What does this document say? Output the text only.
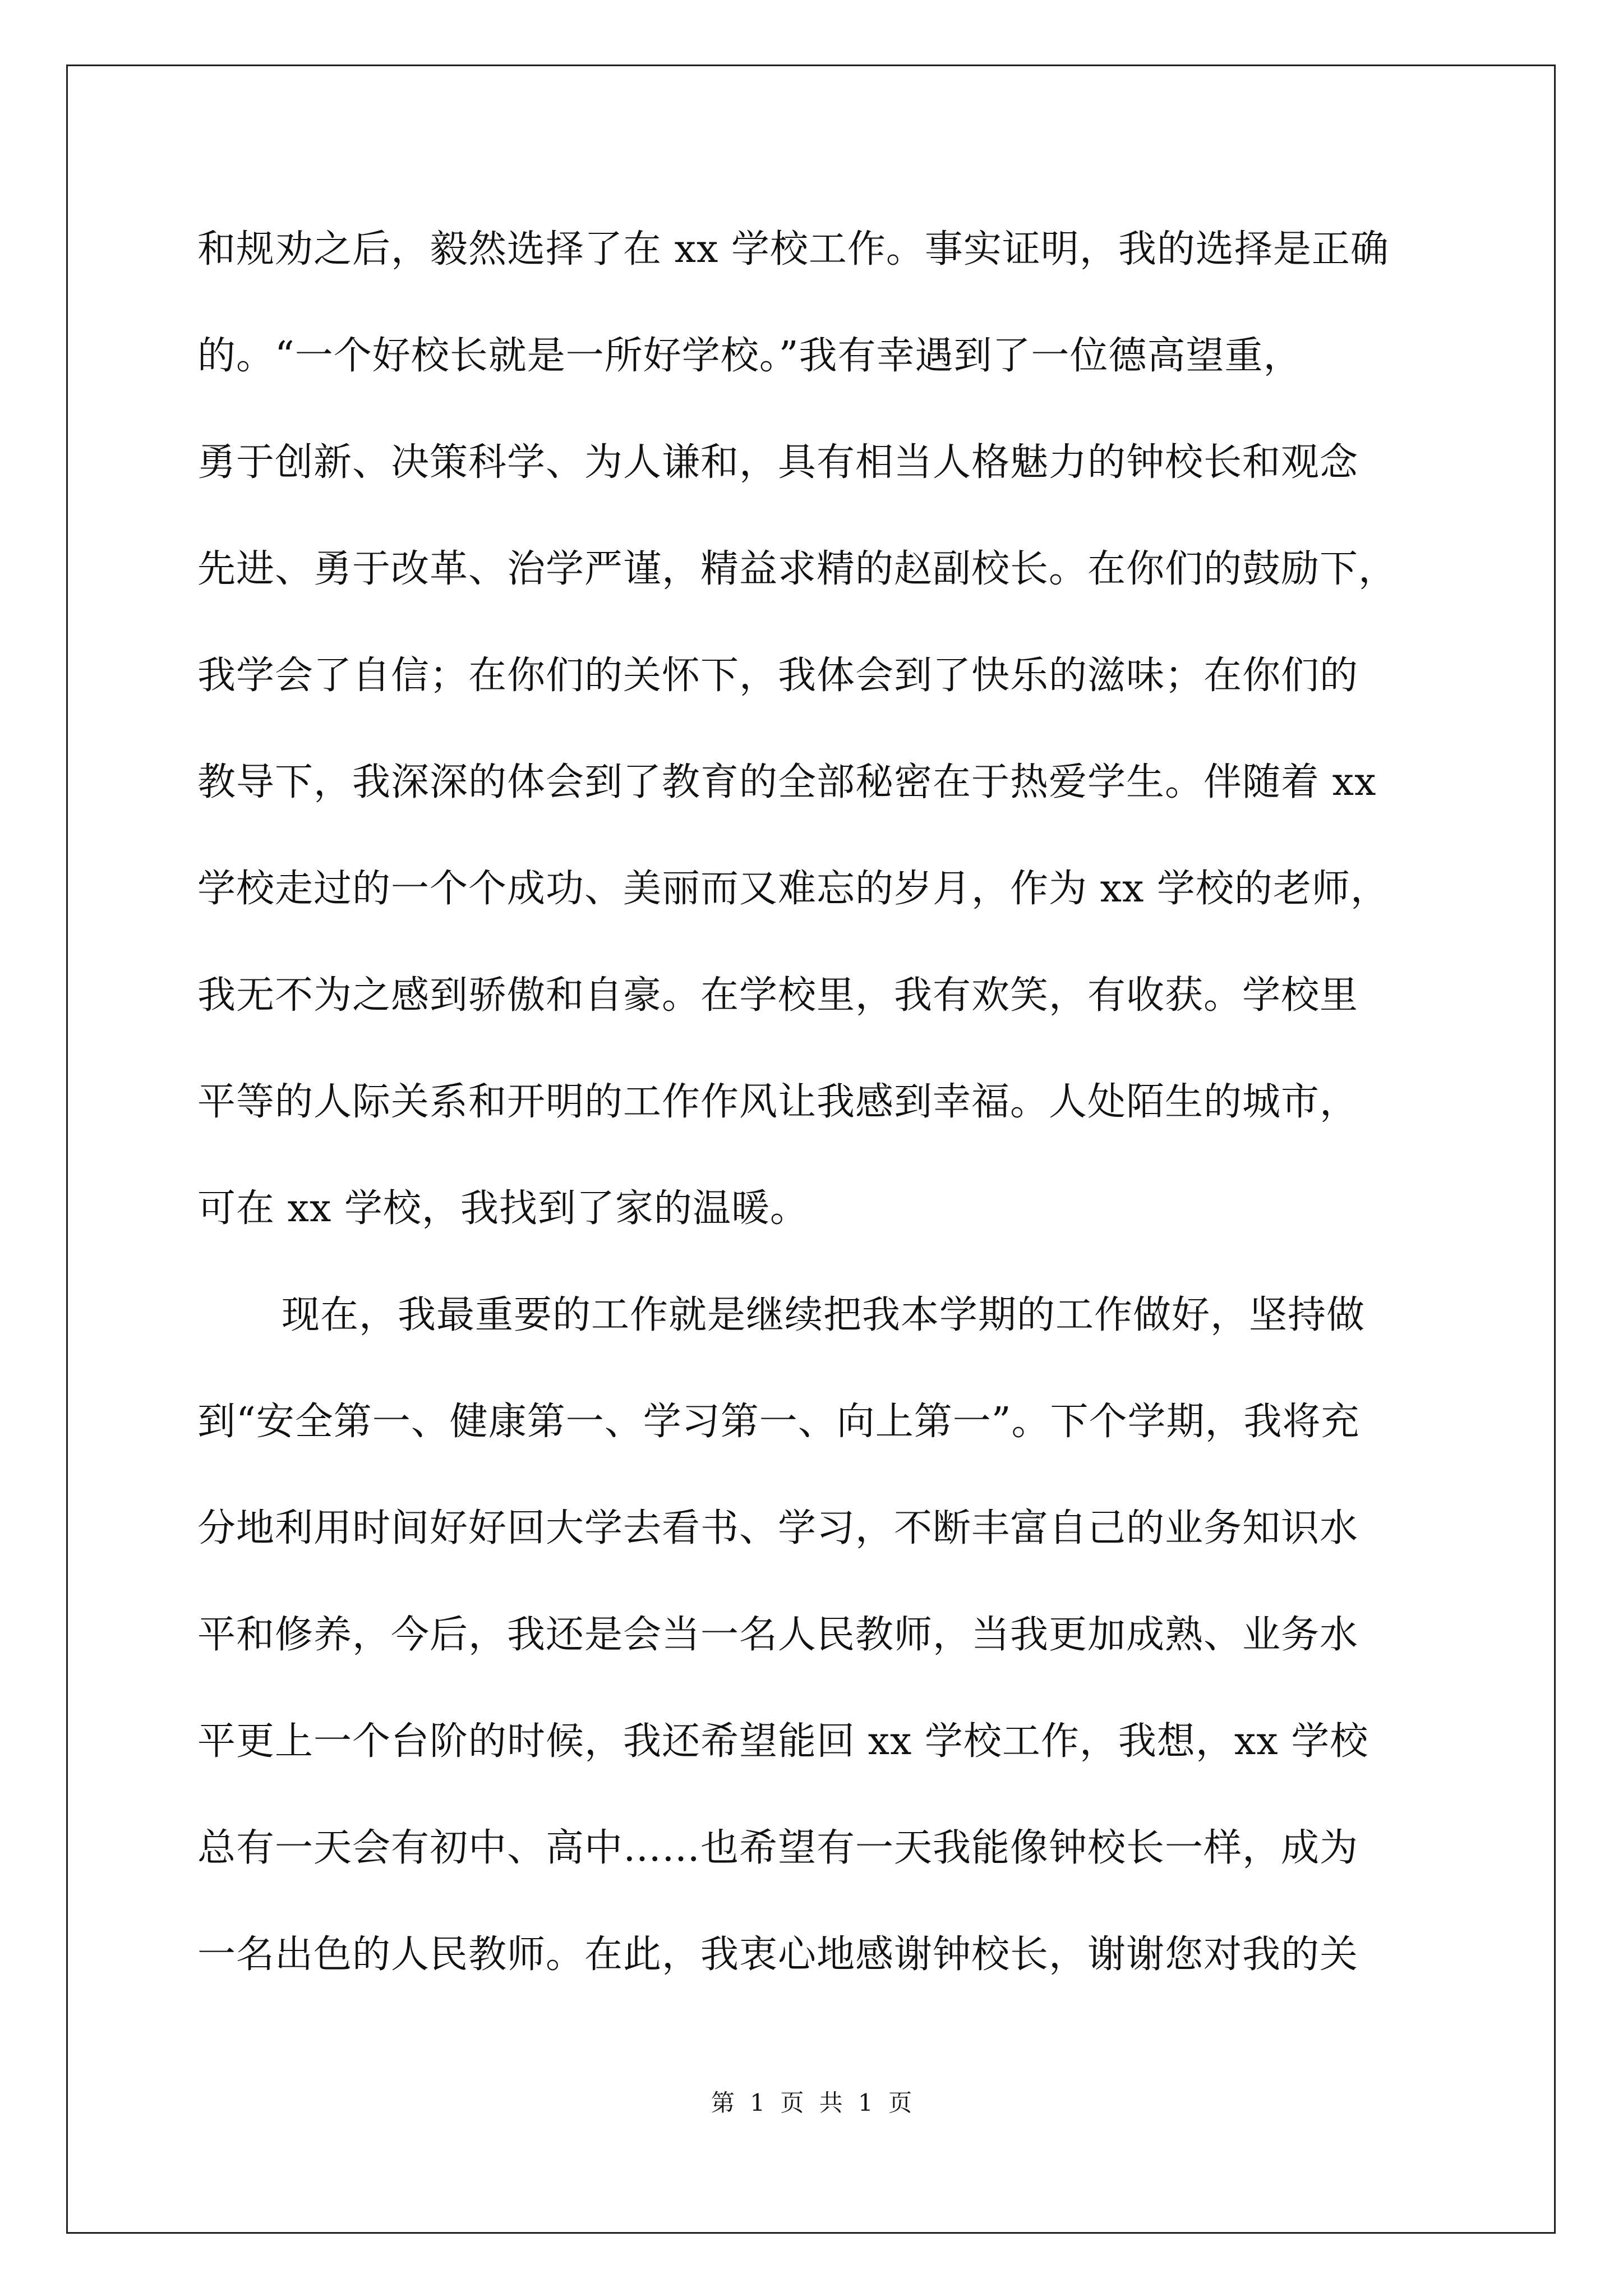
和规劝之后，毅然选择了在 xx 学校工作。事实证明，我的选择是正确
的。“一个好校长就是一所好学校。”我有幸遇到了一位德高望重，
勇于创新、决策科学、为人谦和，具有相当人格魅力的钟校长和观念
先进、勇于改革、治学严谨，精益求精的赵副校长。在你们的鼓励下，
我学会了自信；在你们的关怀下，我体会到了快乐的滋味；在你们的
教导下，我深深的体会到了教育的全部秘密在于热爱学生。伴随着 xx
学校走过的一个个成功、美丽而又难忘的岁月，作为 xx 学校的老师，
我无不为之感到骄傲和自豪。在学校里，我有欢笑，有收获。学校里
平等的人际关系和开明的工作作风让我感到幸福。人处陌生的城市，
可在 xx 学校，我找到了家的温暖。
现在，我最重要的工作就是继续把我本学期的工作做好，坚持做
到“安全第一、健康第一、学习第一、向上第一”。下个学期，我将充
分地利用时间好好回大学去看书、学习，不断丰富自己的业务知识水
平和修养，今后，我还是会当一名人民教师，当我更加成熟、业务水
平更上一个台阶的时候，我还希望能回 xx 学校工作，我想，xx 学校
总有一天会有初中、高中……也希望有一天我能像钟校长一样，成为
一名出色的人民教师。在此，我衷心地感谢钟校长，谢谢您对我的关
第 1 页 共 1 页
